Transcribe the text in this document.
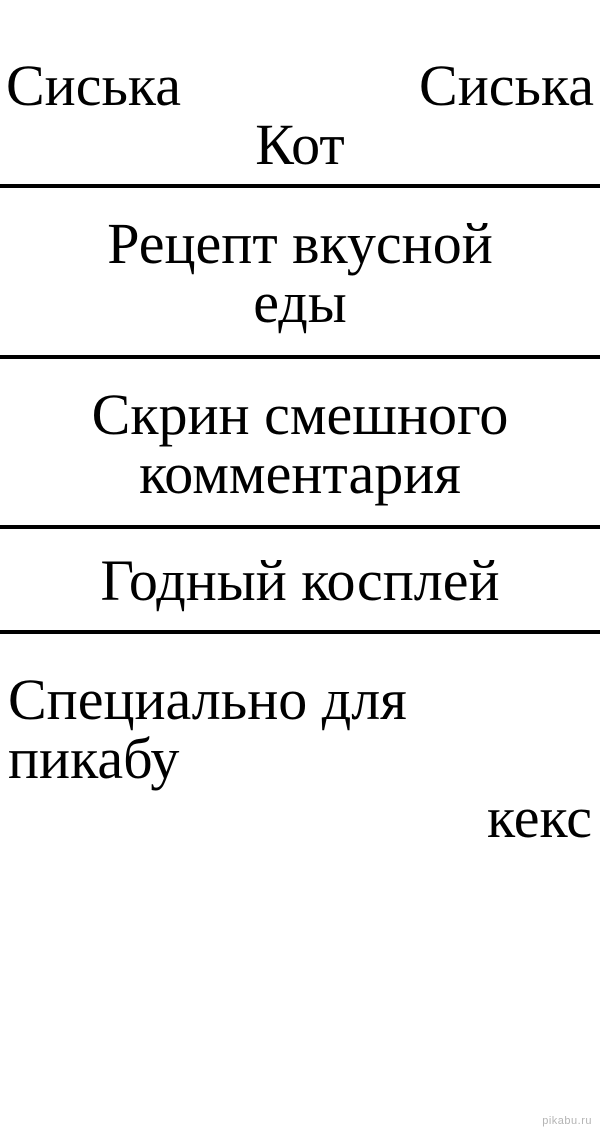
Сиська	Сиська
Кот
Рецепт вкусной
еды
Скрин смешного
комментария
Годный косплей
Специально для
пикабу
кекс
pikabu.ru
